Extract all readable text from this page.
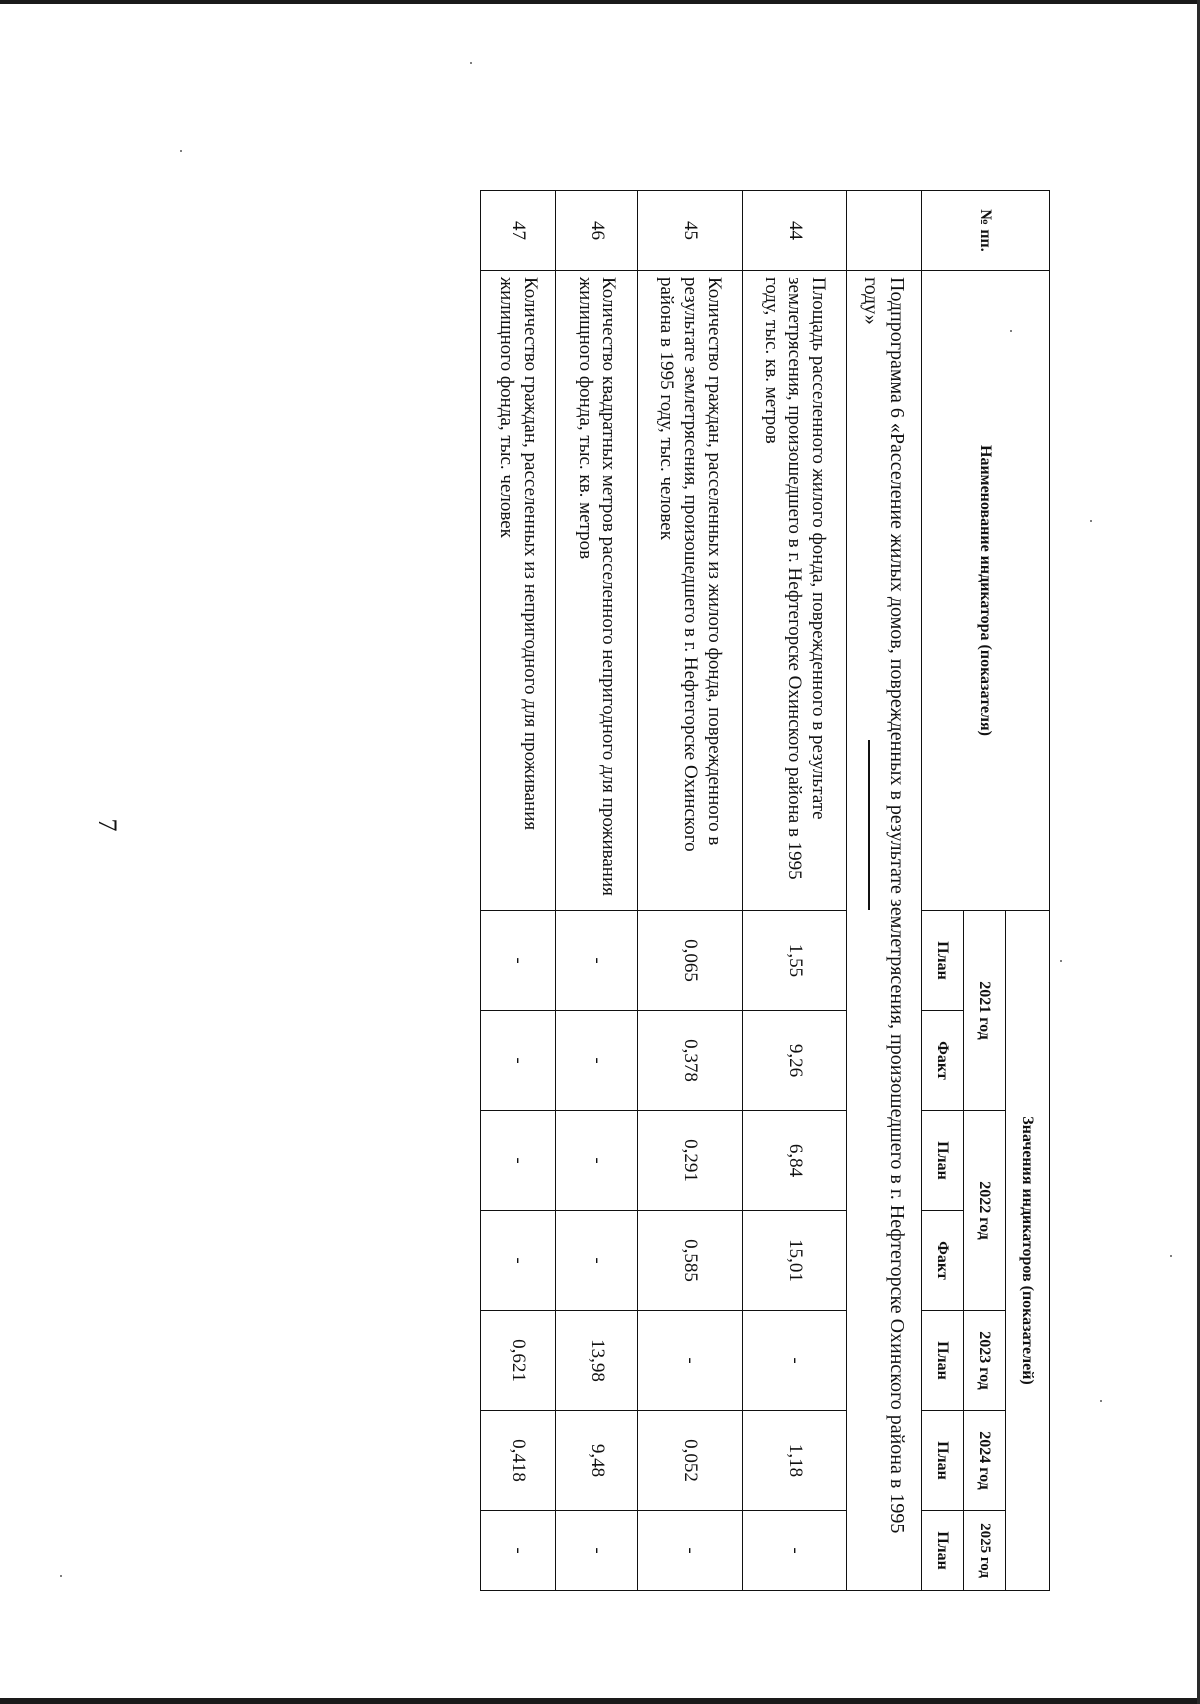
7
№ пп.	Наименование индикатора (показателя)	Значения индикаторов (показателей)						
		2021 год		2022 год		2023 год	2024 год	2025 год
		План	Факт	План	Факт	План	План	План
	Подпрограмма 6 «Расселение жилых домов, поврежденных в результате землетрясения, произошедшего в г. Нефтегорске Охинского района в 1995 году»							
44	Площадь расселенного жилого фонда, поврежденного в результате землетрясения, произошедшего в г. Нефтегорске Охинского района в 1995 году, тыс. кв. метров	1,55	9,26	6,84	15,01	-	1,18	-
45	Количество граждан, расселенных из жилого фонда, поврежденного в результате землетрясения, произошедшего в г. Нефтегорске Охинского района в 1995 году, тыс. человек	0,065	0,378	0,291	0,585	-	0,052	-
46	Количество квадратных метров расселенного непригодного для проживания жилищного фонда, тыс. кв. метров	-	-	-	-	13,98	9,48	-
47	Количество граждан, расселенных из непригодного для проживания жилищного фонда, тыс. человек	-	-	-	-	0,621	0,418	-
